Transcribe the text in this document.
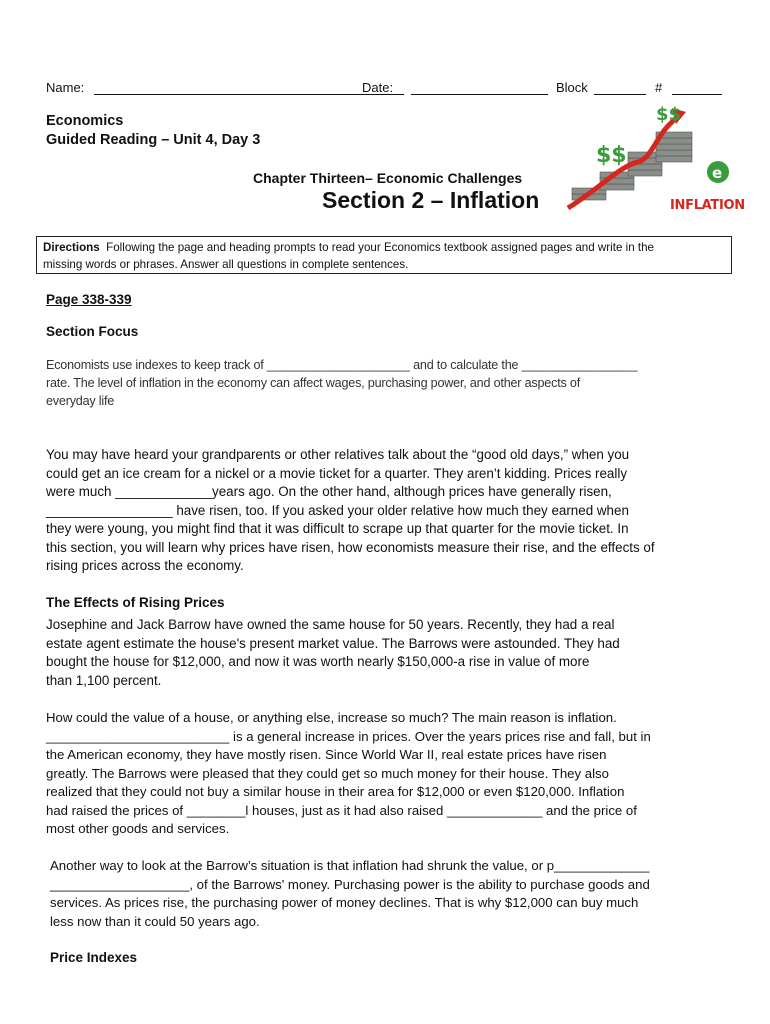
Name:	Date:	Block	#
Economics
Guided Reading – Unit 4, Day 3
Chapter Thirteen– Economic Challenges
Section 2 – Inflation
$$
$$
e
INFLATION
Directions Following the page and heading prompts to read your Economics textbook assigned pages and write in the
missing words or phrases. Answer all questions in complete sentences.
Page 338-339
Section Focus
Economists use indexes to keep track of _____________________ and to calculate the _________________
rate. The level of inflation in the economy can affect wages, purchasing power, and other aspects of
everyday life
You may have heard your grandparents or other relatives talk about the “good old days,” when you
could get an ice cream for a nickel or a movie ticket for a quarter. They aren’t kidding. Prices really
were much _____________years ago. On the other hand, although prices have generally risen,
_________________ have risen, too. If you asked your older relative how much they earned when
they were young, you might find that it was difficult to scrape up that quarter for the movie ticket. In
this section, you will learn why prices have risen, how economists measure their rise, and the effects of
rising prices across the economy.
The Effects of Rising Prices
Josephine and Jack Barrow have owned the same house for 50 years. Recently, they had a real
estate agent estimate the house's present market value. The Barrows were astounded. They had
bought the house for $12,000, and now it was worth nearly $150,000-a rise in value of more
than 1,100 percent.
How could the value of a house, or anything else, increase so much? The main reason is inflation.
_________________________ is a general increase in prices. Over the years prices rise and fall, but in
the American economy, they have mostly risen. Since World War II, real estate prices have risen
greatly. The Barrows were pleased that they could get so much money for their house. They also
realized that they could not buy a similar house in their area for $12,000 or even $120,000. Inflation
had raised the prices of ________l houses, just as it had also raised _____________ and the price of
most other goods and services.
Another way to look at the Barrow’s situation is that inflation had shrunk the value, or p_____________
___________________, of the Barrows' money. Purchasing power is the ability to purchase goods and
services. As prices rise, the purchasing power of money declines. That is why $12,000 can buy much
less now than it could 50 years ago.
Price Indexes
